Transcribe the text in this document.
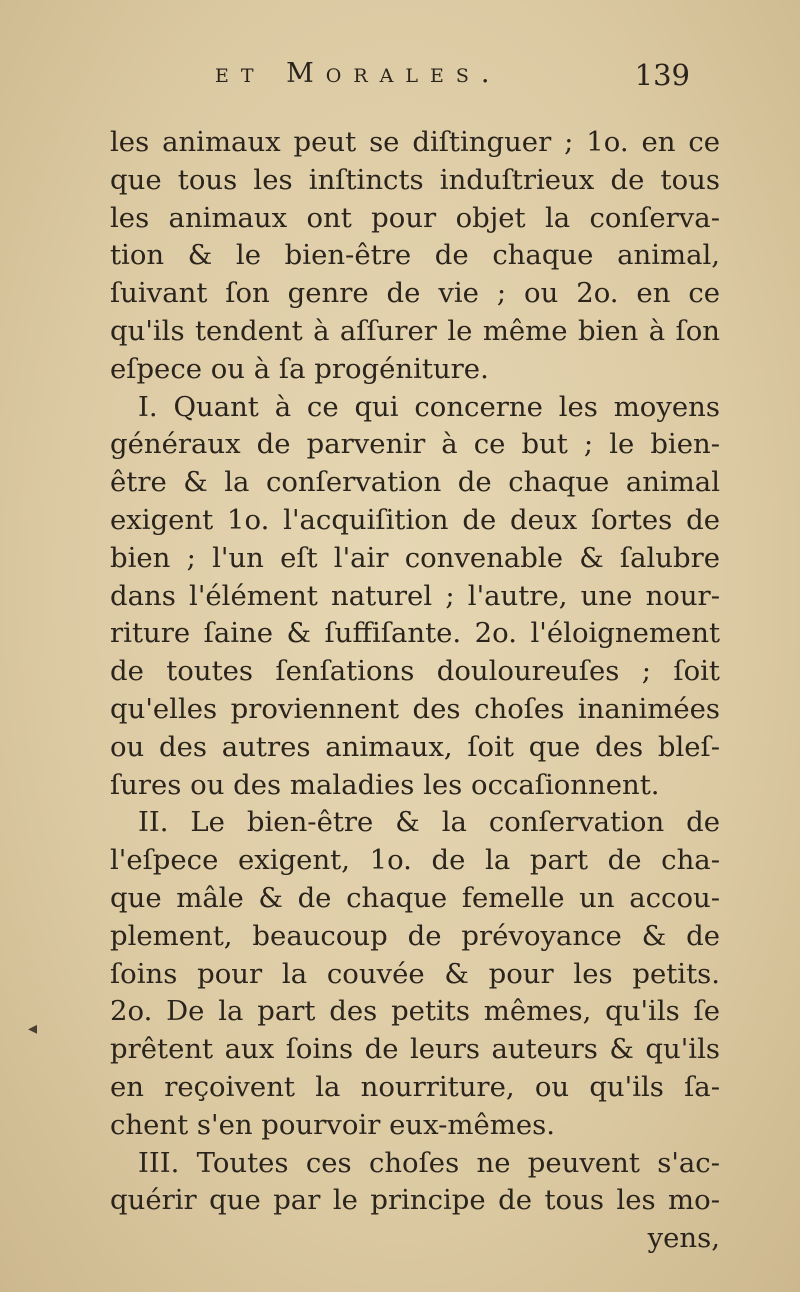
et Morales.	139
les animaux peut se diſtinguer ; 1o. en ce
que tous les inſtincts induſtrieux de tous
les animaux ont pour objet la conſerva-
tion & le bien-être de chaque animal,
ſuivant ſon genre de vie ; ou 2o. en ce
qu'ils tendent à aſſurer le même bien à ſon
eſpece ou à ſa progéniture.
I. Quant à ce qui concerne les moyens
généraux de parvenir à ce but ; le bien-
être & la conſervation de chaque animal
exigent 1o. l'acquiſition de deux ſortes de
bien ; l'un eſt l'air convenable & ſalubre
dans l'élément naturel ; l'autre, une nour-
riture ſaine & ſuffiſante. 2o. l'éloignement
de toutes ſenſations douloureuſes ; ſoit
qu'elles proviennent des choſes inanimées
ou des autres animaux, ſoit que des bleſ-
ſures ou des maladies les occaſionnent.
II. Le bien-être & la conſervation de
l'eſpece exigent, 1o. de la part de cha-
que mâle & de chaque femelle un accou-
plement, beaucoup de prévoyance & de
ſoins pour la couvée & pour les petits.
2o. De la part des petits mêmes, qu'ils ſe
prêtent aux ſoins de leurs auteurs & qu'ils
en reçoivent la nourriture, ou qu'ils ſa-
chent s'en pourvoir eux-mêmes.
III. Toutes ces choſes ne peuvent s'ac-
quérir que par le principe de tous les mo-
yens,
◂
